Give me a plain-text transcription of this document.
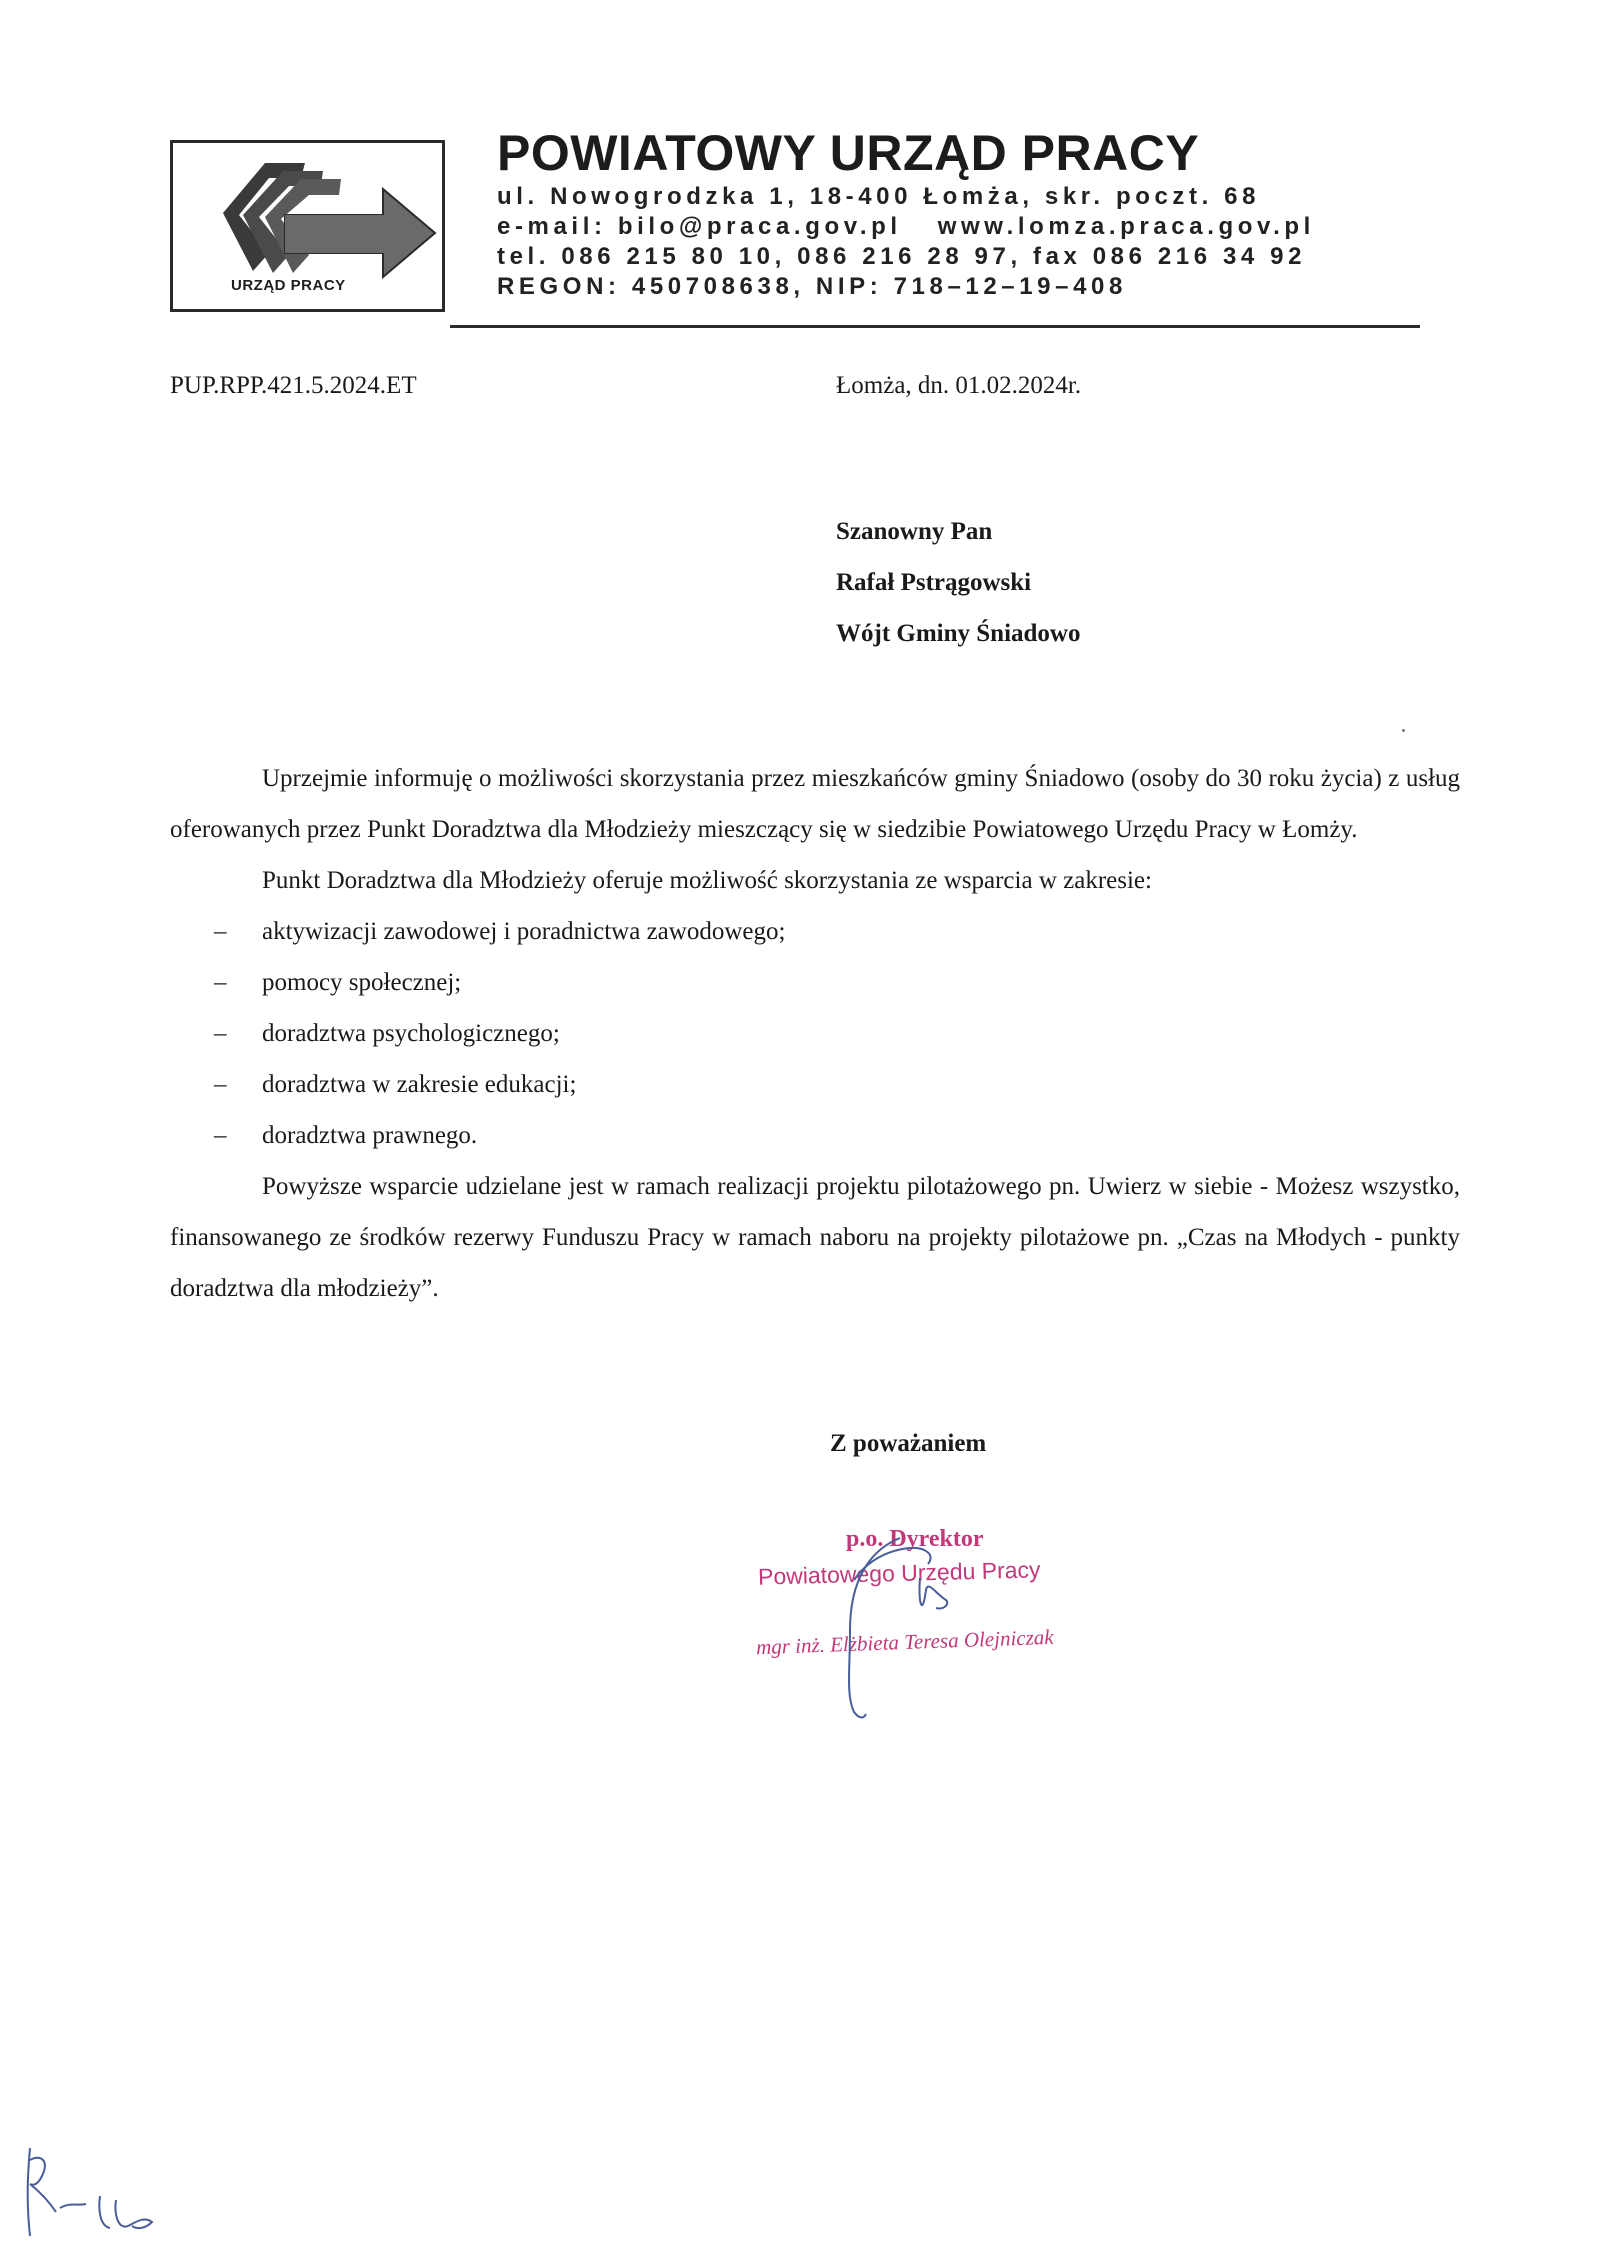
URZĄD PRACY
POWIATOWY URZĄD PRACY
ul. Nowogrodzka 1, 18-400 Łomża, skr. poczt. 68
e-mail: bilo@praca.gov.pl www.lomza.praca.gov.pl
tel. 086 215 80 10, 086 216 28 97, fax 086 216 34 92
REGON: 450708638, NIP: 718–12–19–408
PUP.RPP.421.5.2024.ET	Łomża, dn. 01.02.2024r.
Szanowny Pan
Rafał Pstrągowski
Wójt Gminy Śniadowo

Uprzejmie informuję o możliwości skorzystania przez mieszkańców gminy Śniadowo (osoby do 30 roku życia) z usług oferowanych przez Punkt Doradztwa dla Młodzieży mieszczący się w siedzibie Powiatowego Urzędu Pracy w Łomży.

Punkt Doradztwa dla Młodzieży oferuje możliwość skorzystania ze wsparcia w zakresie:

– aktywizacji zawodowej i poradnictwa zawodowego;
– pomocy społecznej;
– doradztwa psychologicznego;
– doradztwa w zakresie edukacji;
– doradztwa prawnego.

Powyższe wsparcie udzielane jest w ramach realizacji projektu pilotażowego pn. Uwierz w siebie - Możesz wszystko, finansowanego ze środków rezerwy Funduszu Pracy w ramach naboru na projekty pilotażowe pn. „Czas na Młodych - punkty doradztwa dla młodzieży”.

Z poważaniem
p.o. Dyrektor
Powiatowego Urzędu Pracy
mgr inż. Elżbieta Teresa Olejniczak
